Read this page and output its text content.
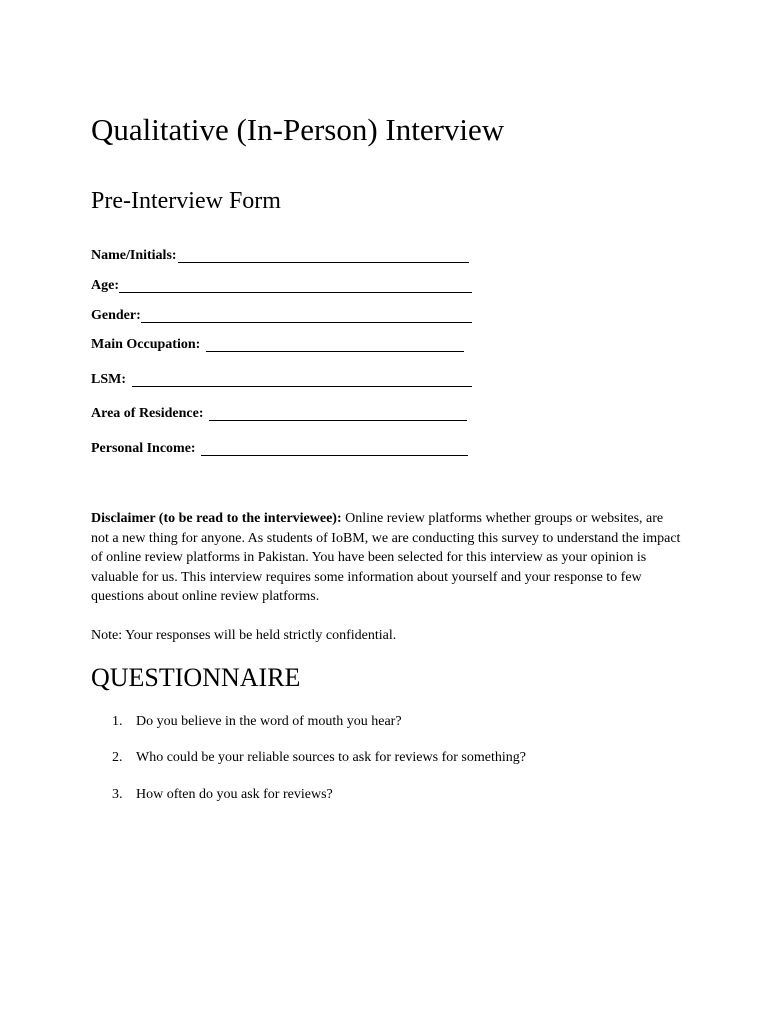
Qualitative (In-Person) Interview
Pre-Interview Form
Name/Initials:
Age:
Gender:
Main Occupation:
LSM:
Area of Residence:
Personal Income:
Disclaimer (to be read to the interviewee): Online review platforms whether groups or websites, are not a new thing for anyone. As students of IoBM, we are conducting this survey to understand the impact of online review platforms in Pakistan. You have been selected for this interview as your opinion is valuable for us. This interview requires some information about yourself and your response to few questions about online review platforms.
Note: Your responses will be held strictly confidential.
QUESTIONNAIRE
1. Do you believe in the word of mouth you hear?
2. Who could be your reliable sources to ask for reviews for something?
3. How often do you ask for reviews?
